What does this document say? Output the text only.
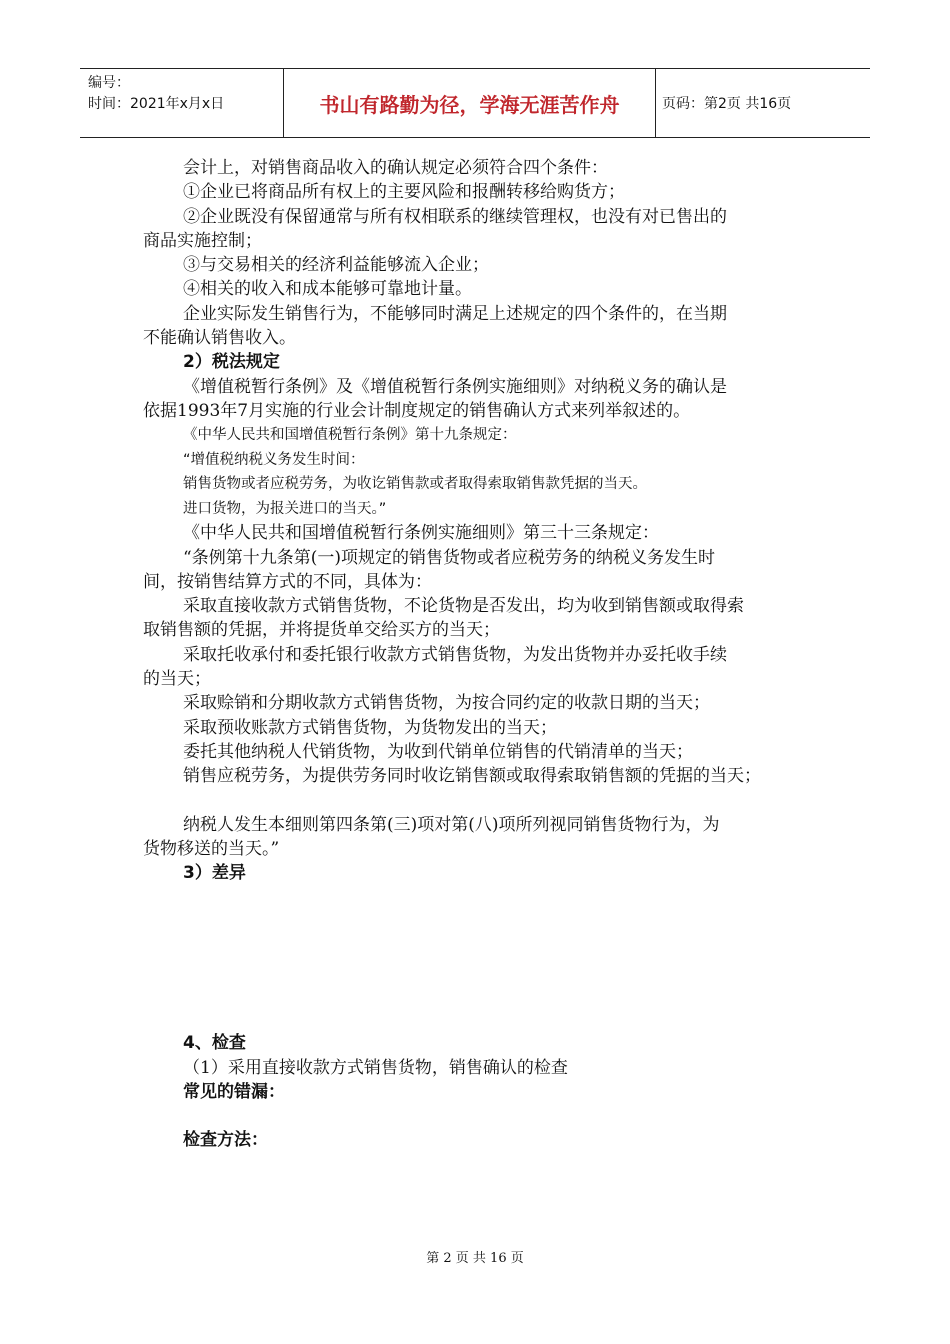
编号：
时间：2021年x月x日	书山有路勤为径，学海无涯苦作舟	页码：第2页 共16页

会计上，对销售商品收入的确认规定必须符合四个条件：

①企业已将商品所有权上的主要风险和报酬转移给购货方；

②企业既没有保留通常与所有权相联系的继续管理权，也没有对已售出的

商品实施控制；

③与交易相关的经济利益能够流入企业；

④相关的收入和成本能够可靠地计量。

企业实际发生销售行为，不能够同时满足上述规定的四个条件的，在当期

不能确认销售收入。

2）税法规定

《增值税暂行条例》及《增值税暂行条例实施细则》对纳税义务的确认是

依据1993年7月实施的行业会计制度规定的销售确认方式来列举叙述的。

《中华人民共和国增值税暂行条例》第十九条规定：

“增值税纳税义务发生时间：

销售货物或者应税劳务，为收讫销售款或者取得索取销售款凭据的当天。

进口货物，为报关进口的当天。”

《中华人民共和国增值税暂行条例实施细则》第三十三条规定：

“条例第十九条第(一)项规定的销售货物或者应税劳务的纳税义务发生时

间，按销售结算方式的不同，具体为：

采取直接收款方式销售货物，不论货物是否发出，均为收到销售额或取得索

取销售额的凭据，并将提货单交给买方的当天；

采取托收承付和委托银行收款方式销售货物，为发出货物并办妥托收手续

的当天；

采取赊销和分期收款方式销售货物，为按合同约定的收款日期的当天；

采取预收账款方式销售货物，为货物发出的当天；

委托其他纳税人代销货物，为收到代销单位销售的代销清单的当天；

销售应税劳务，为提供劳务同时收讫销售额或取得索取销售额的凭据的当天；

纳税人发生本细则第四条第(三)项对第(八)项所列视同销售货物行为，为

货物移送的当天。”

3）差异

4、检查

（1）采用直接收款方式销售货物，销售确认的检查

常见的错漏：

检查方法：

第 2 页 共 16 页
